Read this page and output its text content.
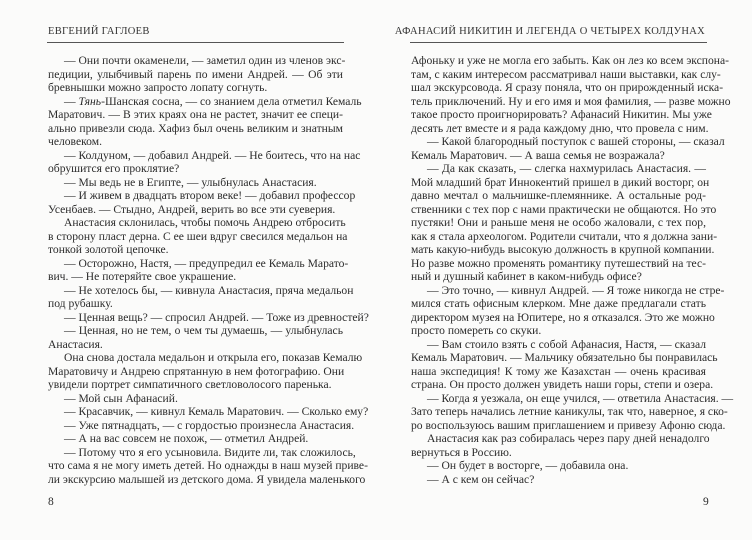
ЕВГЕНИЙ ГАГЛОЕВ
— Они почти окаменели, — заметил один из членов экс-
педиции, улыбчивый парень по имени Андрей. — Об эти
бревнышки можно запросто лопату согнуть.
— Тянь-Шанская сосна, — со знанием дела отметил Кемаль
Маратович. — В этих краях она не растет, значит ее специ-
ально привезли сюда. Хафиз был очень великим и знатным
человеком.
— Колдуном, — добавил Андрей. — Не боитесь, что на нас
обрушится его проклятие?
— Мы ведь не в Египте, — улыбнулась Анастасия.
— И живем в двадцать втором веке! — добавил профессор
Усенбаев. — Стыдно, Андрей, верить во все эти суеверия.
Анастасия склонилась, чтобы помочь Андрею отбросить
в сторону пласт дерна. С ее шеи вдруг свесился медальон на
тонкой золотой цепочке.
— Осторожно, Настя, — предупредил ее Кемаль Марато-
вич. — Не потеряйте свое украшение.
— Не хотелось бы, — кивнула Анастасия, пряча медальон
под рубашку.
— Ценная вещь? — спросил Андрей. — Тоже из древностей?
— Ценная, но не тем, о чем ты думаешь, — улыбнулась
Анастасия.
Она снова достала медальон и открыла его, показав Кемалю
Маратовичу и Андрею спрятанную в нем фотографию. Они
увидели портрет симпатичного светловолосого паренька.
— Мой сын Афанасий.
— Красавчик, — кивнул Кемаль Маратович. — Сколько ему?
— Уже пятнадцать, — с гордостью произнесла Анастасия.
— А на вас совсем не похож, — отметил Андрей.
— Потому что я его усыновила. Видите ли, так сложилось,
что сама я не могу иметь детей. Но однажды в наш музей приве-
ли экскурсию малышей из детского дома. Я увидела маленького
8
АФАНАСИЙ НИКИТИН И ЛЕГЕНДА О ЧЕТЫРЕХ КОЛДУНАХ
Афоньку и уже не могла его забыть. Как он лез ко всем экспона-
там, с каким интересом рассматривал наши выставки, как слу-
шал экскурсовода. Я сразу поняла, что он прирожденный иска-
тель приключений. Ну и его имя и моя фамилия, — разве можно
такое просто проигнорировать? Афанасий Никитин. Мы уже
десять лет вместе и я рада каждому дню, что провела с ним.
— Какой благородный поступок с вашей стороны, — сказал
Кемаль Маратович. — А ваша семья не возражала?
— Да как сказать, — слегка нахмурилась Анастасия. —
Мой младший брат Иннокентий пришел в дикий восторг, он
давно мечтал о мальчишке-племяннике. А остальные род-
ственники с тех пор с нами практически не общаются. Но это
пустяки! Они и раньше меня не особо жаловали, с тех пор,
как я стала археологом. Родители считали, что я должна зани-
мать какую-нибудь высокую должность в крупной компании.
Но разве можно променять романтику путешествий на тес-
ный и душный кабинет в каком-нибудь офисе?
— Это точно, — кивнул Андрей. — Я тоже никогда не стре-
мился стать офисным клерком. Мне даже предлагали стать
директором музея на Юпитере, но я отказался. Это же можно
просто помереть со скуки.
— Вам стоило взять с собой Афанасия, Настя, — сказал
Кемаль Маратович. — Мальчику обязательно бы понравилась
наша экспедиция! К тому же Казахстан — очень красивая
страна. Он просто должен увидеть наши горы, степи и озера.
— Когда я уезжала, он еще учился, — ответила Анастасия. —
Зато теперь начались летние каникулы, так что, наверное, я ско-
ро воспользуюсь вашим приглашением и привезу Афоню сюда.
Анастасия как раз собиралась через пару дней ненадолго
вернуться в Россию.
— Он будет в восторге, — добавила она.
— А с кем он сейчас?
9
